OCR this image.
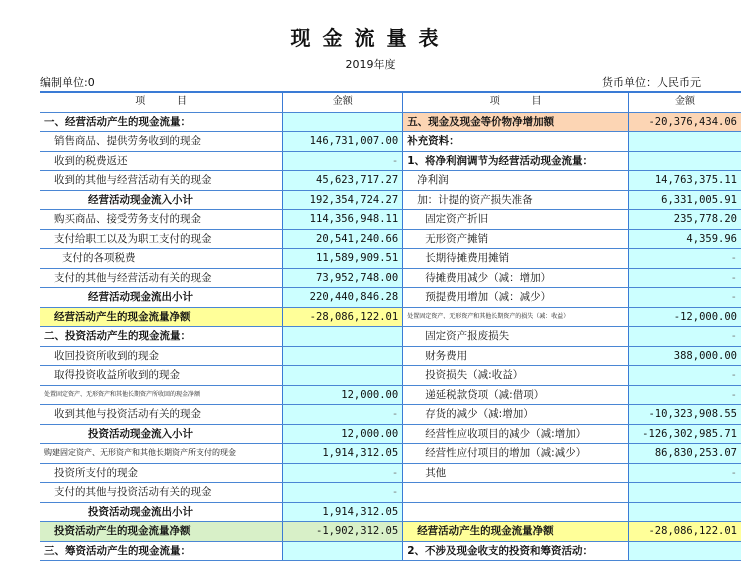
现金流量表
2019年度
编制单位:0	货币单位：人民币元
项          目	金额	项          目	金额
一、经营活动产生的现金流量：		五、现金及现金等价物净增加额	-20,376,434.06
销售商品、提供劳务收到的现金	146,731,007.00	补充资料：	
收到的税费返还	-	1、将净利润调节为经营活动现金流量：	
收到的其他与经营活动有关的现金	45,623,717.27	净利润	14,763,375.11
经营活动现金流入小计	192,354,724.27	加：计提的资产损失准备	6,331,005.91
购买商品、接受劳务支付的现金	114,356,948.11	固定资产折旧	235,778.20
支付给职工以及为职工支付的现金	20,541,240.66	无形资产摊销	4,359.96
支付的各项税费	11,589,909.51	长期待摊费用摊销	-
支付的其他与经营活动有关的现金	73,952,748.00	待摊费用减少（减：增加）	-
经营活动现金流出小计	220,440,846.28	预提费用增加（减：减少）	-
经营活动产生的现金流量净额	-28,086,122.01	处置固定资产、无形资产和其他长期资产的损失（减：收益）	-12,000.00
二、投资活动产生的现金流量：		固定资产报废损失	-
收回投资所收到的现金		财务费用	388,000.00
取得投资收益所收到的现金		投资损失（减:收益）	-
处置固定资产、无形资产和其他长期资产所收回的现金净额	12,000.00	递延税款贷项（减:借项）	-
收到其他与投资活动有关的现金	-	存货的减少（减:增加）	-10,323,908.55
投资活动现金流入小计	12,000.00	经营性应收项目的减少（减:增加）	-126,302,985.71
购建固定资产、无形资产和其他长期资产所支付的现金	1,914,312.05	经营性应付项目的增加（减:减少）	86,830,253.07
投资所支付的现金	-	其他	-
支付的其他与投资活动有关的现金	-		
投资活动现金流出小计	1,914,312.05		
投资活动产生的现金流量净额	-1,902,312.05	经营活动产生的现金流量净额	-28,086,122.01
三、筹资活动产生的现金流量：		2、不涉及现金收支的投资和筹资活动：	
